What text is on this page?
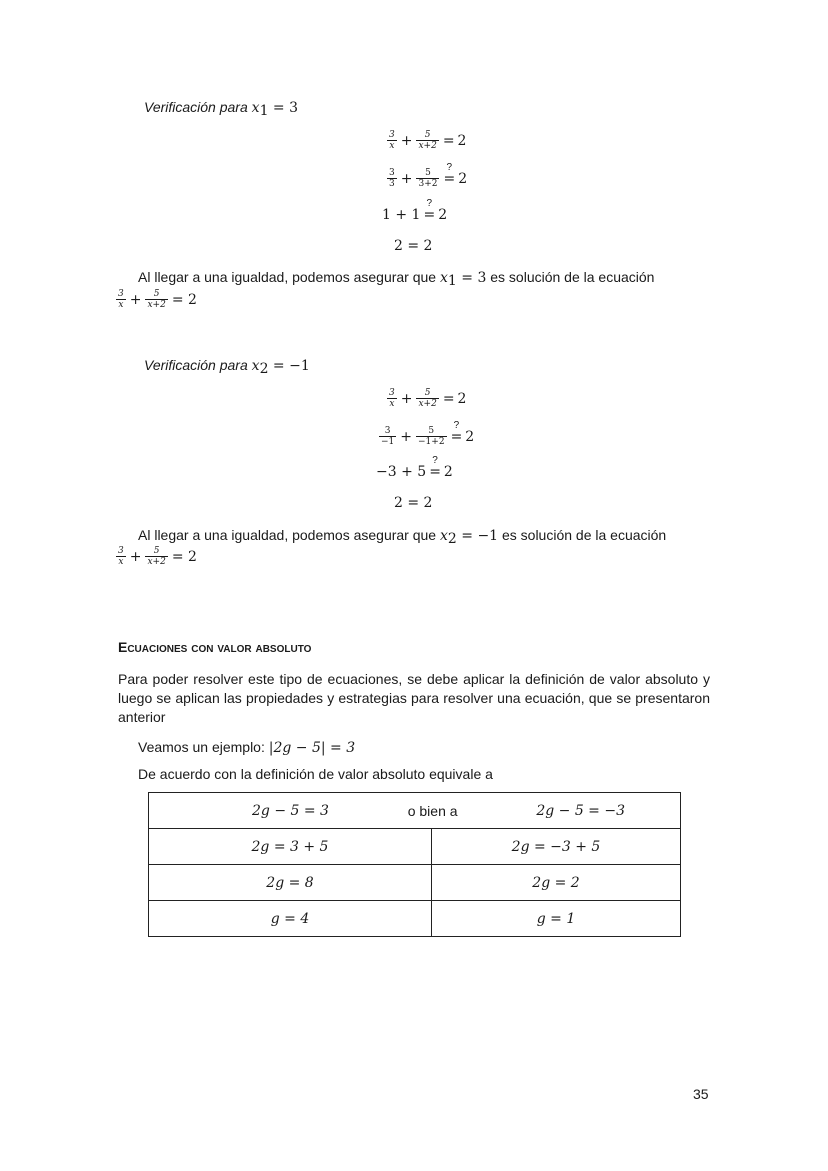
Verificación para $x_1 = 3$
$\frac{3}{x} + \frac{5}{x+2} = 2$
$\frac{3}{3} + \frac{5}{3+2}$
?
= 2
1 + 1
?
= 2
2 = 2
Al llegar a una igualdad, podemos asegurar que $x_1 = 3$ es solución de la ecuación
$\frac{3}{x} + \frac{5}{x+2} = 2$
Verificación para $x_2 = -1$
$\frac{3}{x} + \frac{5}{x+2} = 2$
$\frac{3}{-1} + \frac{5}{-1+2}$
?
= 2
−3 + 5
?
= 2
2 = 2
Al llegar a una igualdad, podemos asegurar que $x_2 = -1$ es solución de la ecuación
$\frac{3}{x} + \frac{5}{x+2} = 2$
Ecuaciones con valor absoluto
Para poder resolver este tipo de ecuaciones, se debe aplicar la definición de valor absoluto y luego se aplican las propiedades y estrategias para resolver una ecuación, que se presentaron anterior
Veamos un ejemplo: |2g − 5| = 3
De acuerdo con la definición de valor absoluto equivale a
2g − 5 = 3 o bien a 2g − 5 = −3	

2g = 3 + 5	2g = −3 + 5
2g = 8	2g = 2
g = 4	g = 1
35
